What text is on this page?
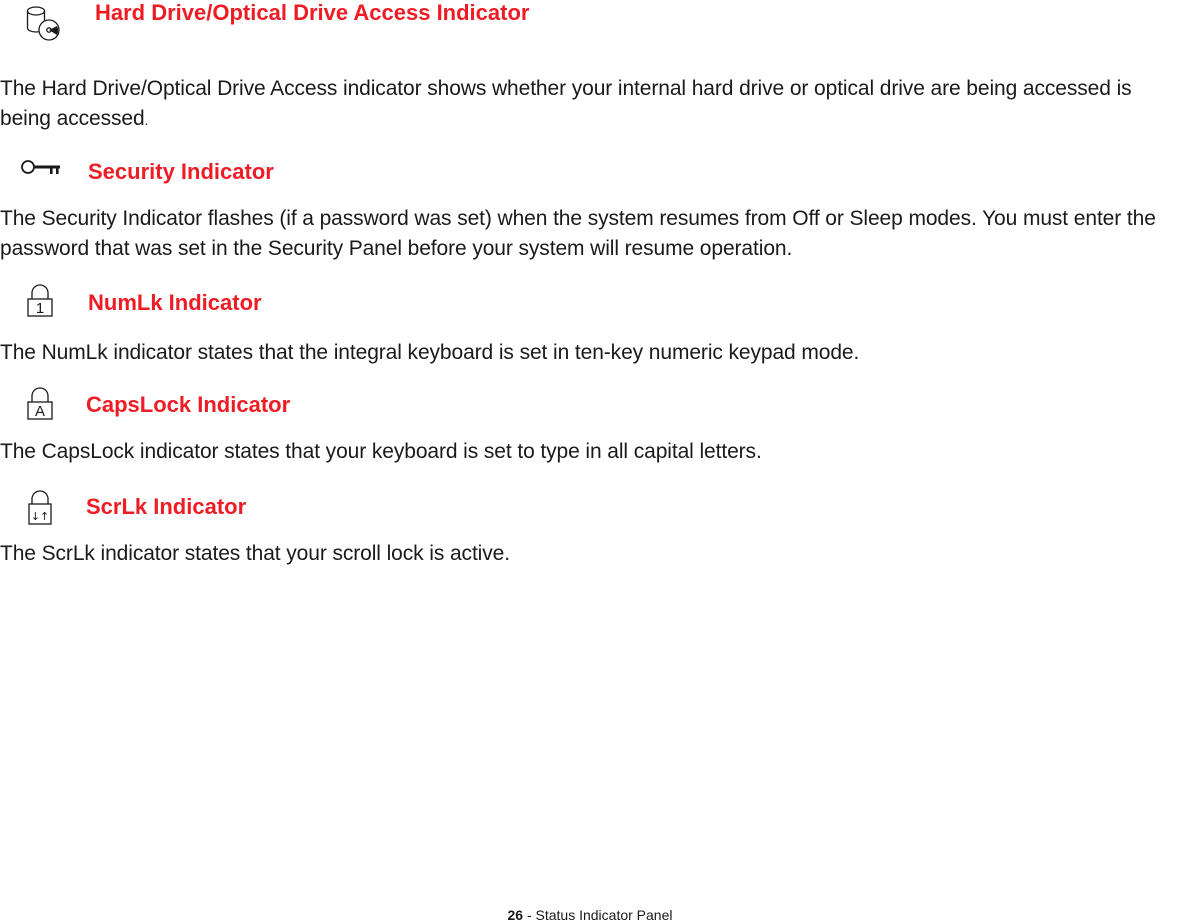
Hard Drive/Optical Drive Access Indicator

The Hard Drive/Optical Drive Access indicator shows whether your internal hard drive or optical drive are being accessed is being accessed.

Security Indicator

The Security Indicator flashes (if a password was set) when the system resumes from Off or Sleep modes. You must enter the password that was set in the Security Panel before your system will resume operation.

1 NumLk Indicator

The NumLk indicator states that the integral keyboard is set in ten-key numeric keypad mode.

A CapsLock Indicator

The CapsLock indicator states that your keyboard is set to type in all capital letters.

↓↑ ScrLk Indicator

The ScrLk indicator states that your scroll lock is active.

26 - Status Indicator Panel
